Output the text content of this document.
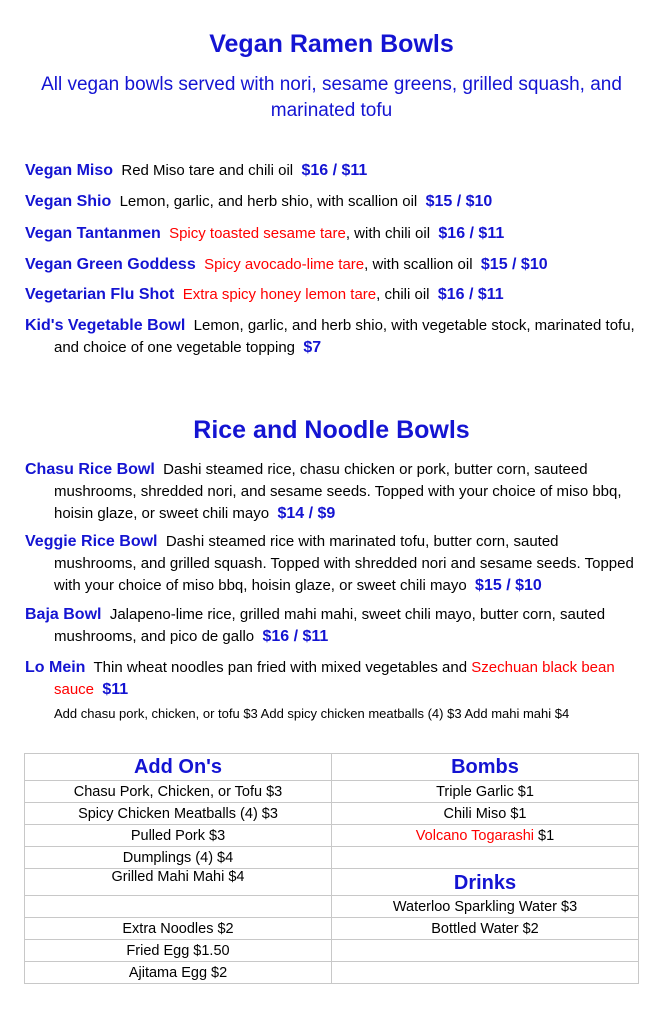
Vegan Ramen Bowls
All vegan bowls served with nori, sesame greens, grilled squash, and marinated tofu
Vegan Miso Red Miso tare and chili oil $16 / $11
Vegan Shio Lemon, garlic, and herb shio, with scallion oil $15 / $10
Vegan Tantanmen Spicy toasted sesame tare, with chili oil $16 / $11
Vegan Green Goddess Spicy avocado-lime tare, with scallion oil $15 / $10
Vegetarian Flu Shot Extra spicy honey lemon tare, chili oil $16 / $11
Kid's Vegetable Bowl Lemon, garlic, and herb shio, with vegetable stock, marinated tofu, and choice of one vegetable topping $7
Rice and Noodle Bowls
Chasu Rice Bowl Dashi steamed rice, chasu chicken or pork, butter corn, sauteed mushrooms, shredded nori, and sesame seeds. Topped with your choice of miso bbq, hoisin glaze, or sweet chili mayo $14 / $9
Veggie Rice Bowl Dashi steamed rice with marinated tofu, butter corn, sauted mushrooms, and grilled squash. Topped with shredded nori and sesame seeds. Topped with your choice of miso bbq, hoisin glaze, or sweet chili mayo $15 / $10
Baja Bowl Jalapeno-lime rice, grilled mahi mahi, sweet chili mayo, butter corn, sauted mushrooms, and pico de gallo $16 / $11
Lo Mein Thin wheat noodles pan fried with mixed vegetables and Szechuan black bean sauce $11
Add chasu pork, chicken, or tofu $3 Add spicy chicken meatballs (4) $3 Add mahi mahi $4
Add On's	Bombs
Chasu Pork, Chicken, or Tofu $3	Triple Garlic $1
Spicy Chicken Meatballs (4) $3	Chili Miso $1
Pulled Pork $3	Volcano Togarashi $1
Dumplings (4) $4	
Grilled Mahi Mahi $4	Drinks
	Waterloo Sparkling Water $3
Extra Noodles $2	Bottled Water $2
Fried Egg $1.50	
Ajitama Egg $2	
